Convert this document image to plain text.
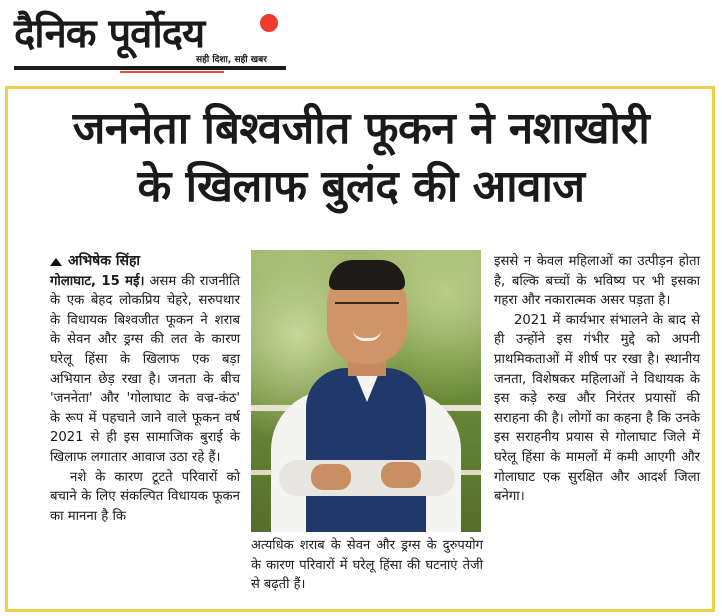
दैनिक पूर्वोदय
सही दिशा, सही खबर
जननेता बिश्वजीत फूकन ने नशाखोरी
के खिलाफ बुलंद की आवाज
अभिषेक सिंहा

गोलाघाट, 15 मई। असम की राजनीति के एक बेहद लोकप्रिय चेहरे, सरुपथार के विधायक बिश्वजीत फूकन ने शराब के सेवन और ड्रग्स की लत के कारण घरेलू हिंसा के खिलाफ एक बड़ा अभियान छेड़ रखा है। जनता के बीच 'जननेता' और 'गोलाघाट के वज्र-कंठ' के रूप में पहचाने जाने वाले फूकन वर्ष 2021 से ही इस सामाजिक बुराई के खिलाफ लगातार आवाज उठा रहे हैं।

नशे के कारण टूटते परिवारों को बचाने के लिए संकल्पित विधायक फूकन का मानना है कि

अत्यधिक शराब के सेवन और ड्रग्स के दुरुपयोग के कारण परिवारों में घरेलू हिंसा की घटनाएं तेजी से बढ़ती हैं।

इससे न केवल महिलाओं का उत्पीड़न होता है, बल्कि बच्चों के भविष्य पर भी इसका गहरा और नकारात्मक असर पड़ता है।

2021 में कार्यभार संभालने के बाद से ही उन्होंने इस गंभीर मुद्दे को अपनी प्राथमिकताओं में शीर्ष पर रखा है। स्थानीय जनता, विशेषकर महिलाओं ने विधायक के इस कड़े रुख और निरंतर प्रयासों की सराहना की है। लोगों का कहना है कि उनके इस सराहनीय प्रयास से गोलाघाट जिले में घरेलू हिंसा के मामलों में कमी आएगी और गोलाघाट एक सुरक्षित और आदर्श जिला बनेगा।
